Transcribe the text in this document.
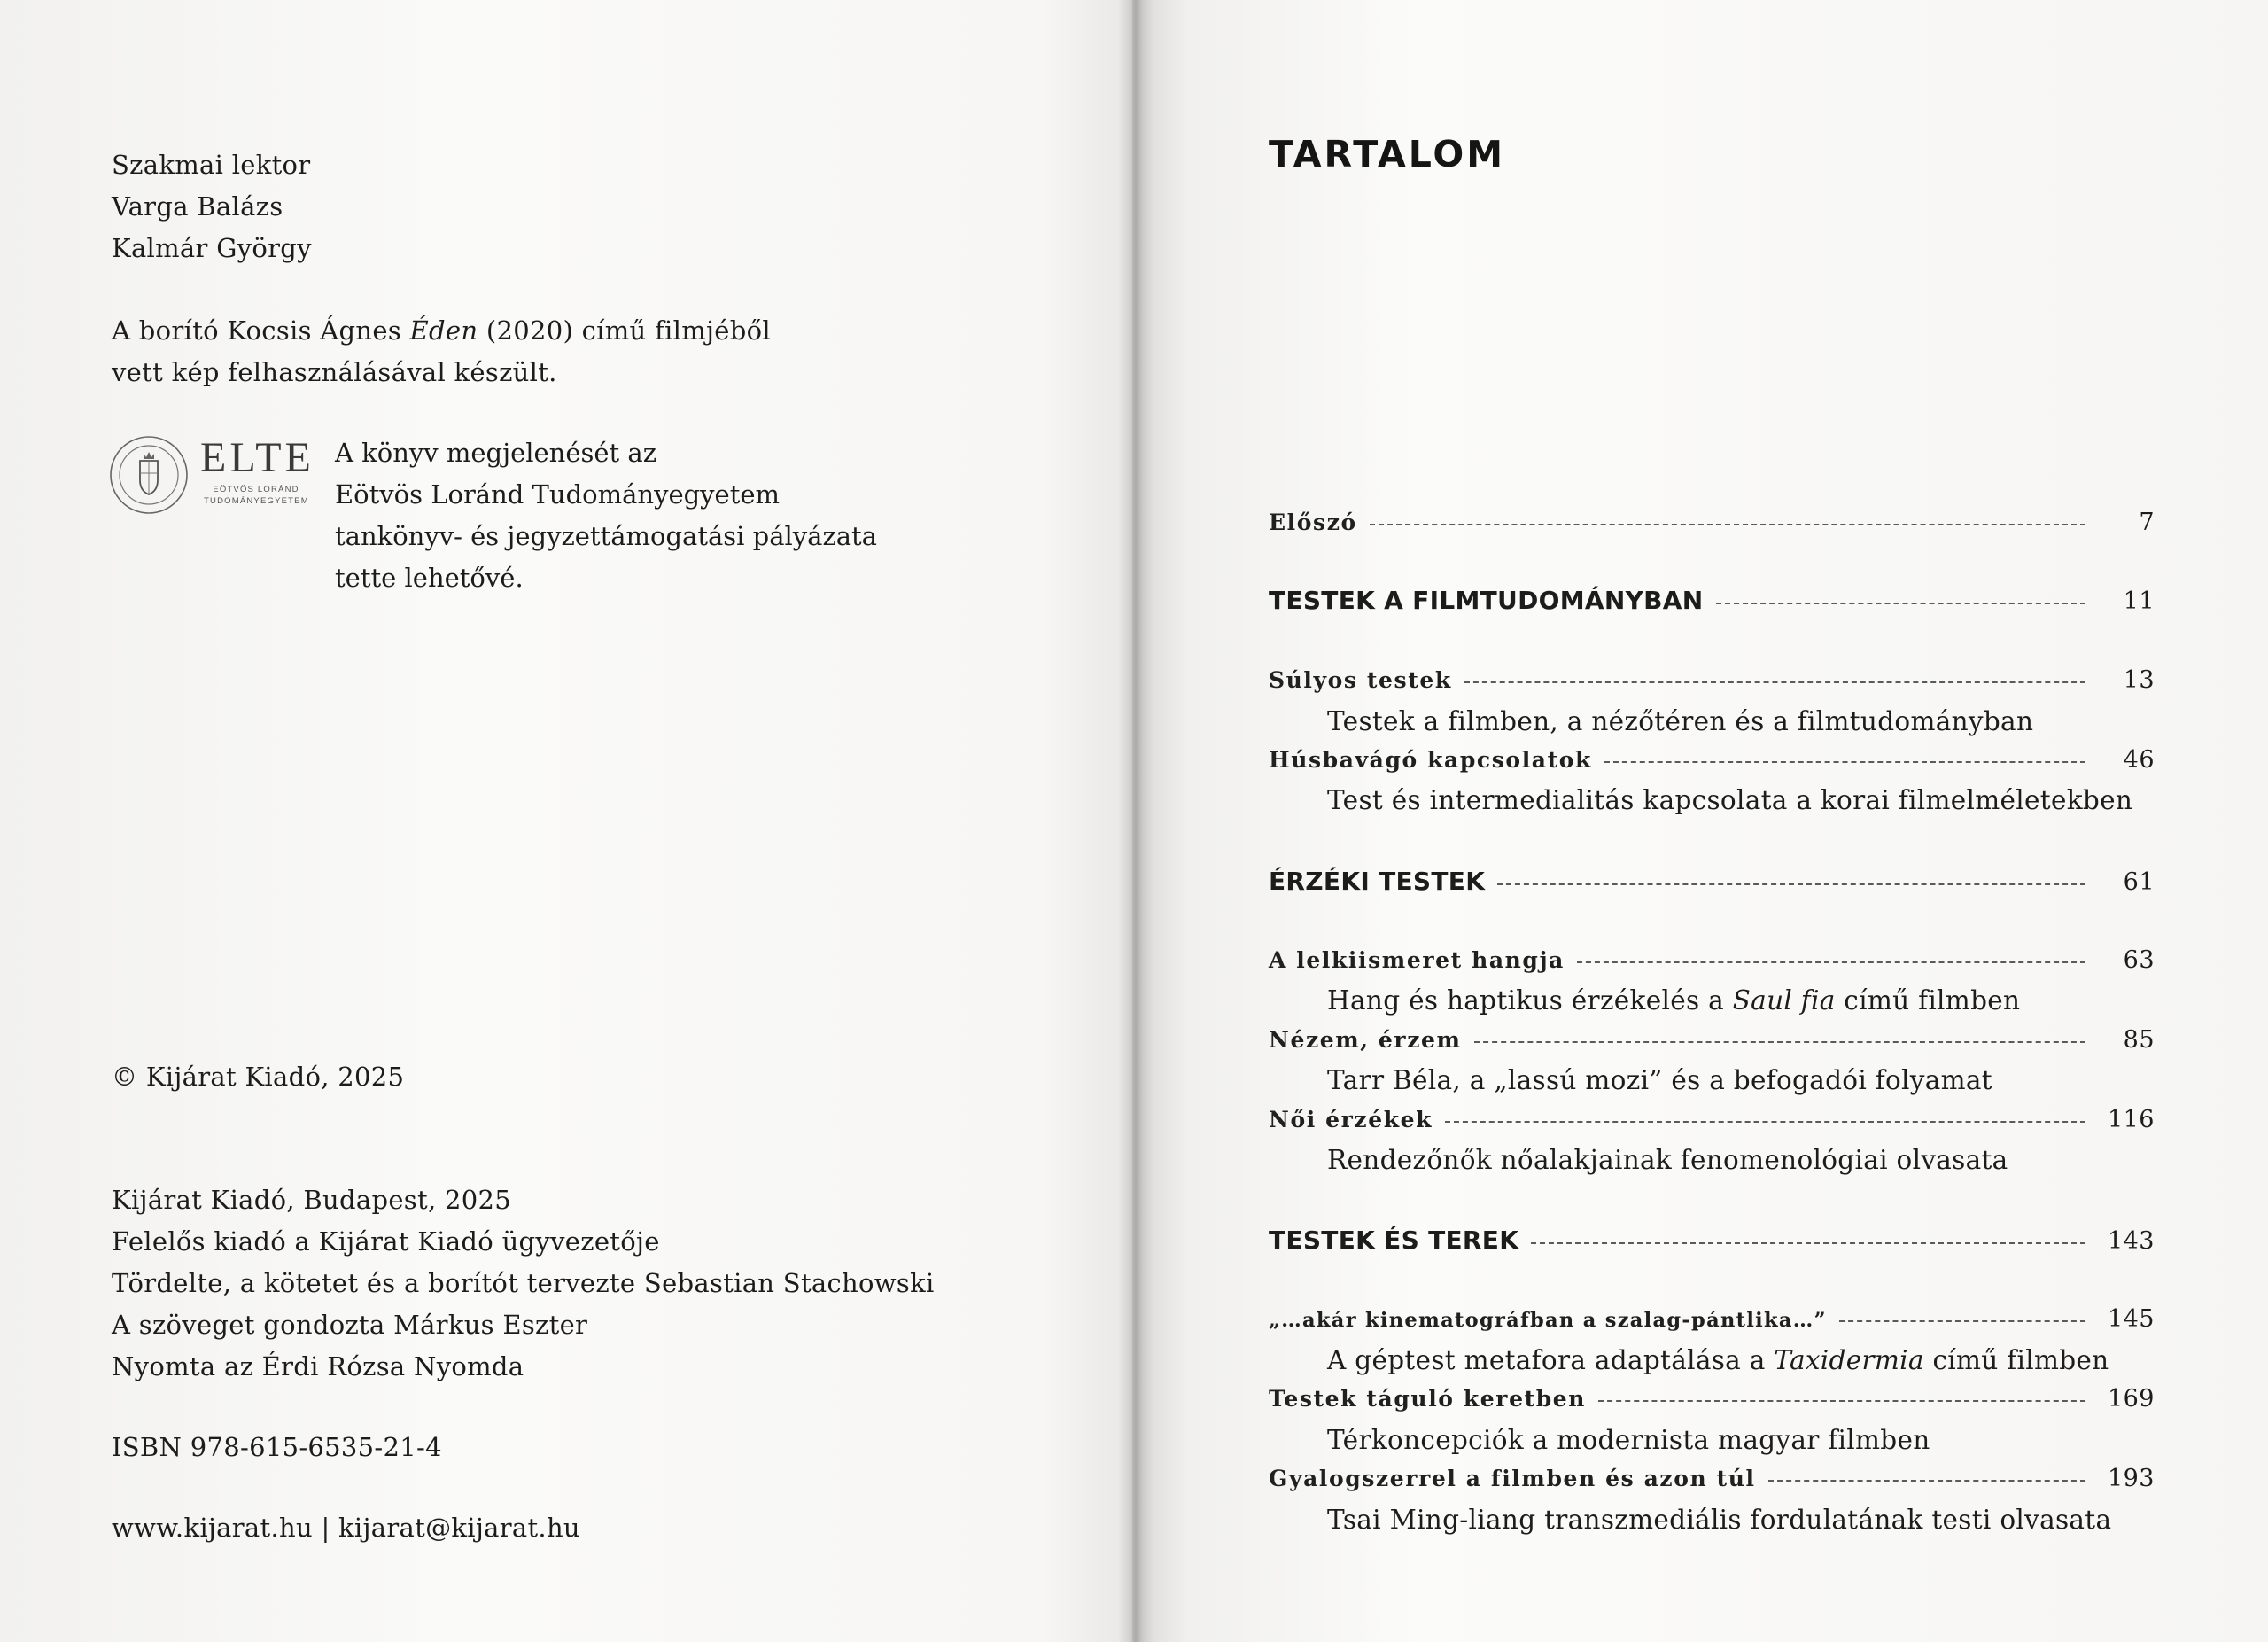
Szakmai lektor

Varga Balázs

Kalmár György

A borító Kocsis Ágnes Éden (2020) című filmjéből

vett kép felhasználásával készült.

ELTE
EÖTVÖS LORÁND
TUDOMÁNYEGYETEM

A könyv megjelenését az

Eötvös Loránd Tudományegyetem

tankönyv- és jegyzettámogatási pályázata

tette lehetővé.

© Kijárat Kiadó, 2025

Kijárat Kiadó, Budapest, 2025

Felelős kiadó a Kijárat Kiadó ügyvezetője

Tördelte, a kötetet és a borítót tervezte Sebastian Stachowski

A szöveget gondozta Márkus Eszter

Nyomta az Érdi Rózsa Nyomda

ISBN 978-615-6535-21-4

www.kijarat.hu | kijarat@kijarat.hu

TARTALOM
Előszó	7
TESTEK A FILMTUDOMÁNYBAN	11
Súlyos testek	13
Testek a filmben, a nézőtéren és a filmtudományban
Húsbavágó kapcsolatok	46
Test és intermedialitás kapcsolata a korai filmelméletekben
ÉRZÉKI TESTEK	61
A lelkiismeret hangja	63
Hang és haptikus érzékelés a Saul fia című filmben
Nézem, érzem	85
Tarr Béla, a „lassú mozi” és a befogadói folyamat
Női érzékek	116
Rendezőnők nőalakjainak fenomenológiai olvasata
TESTEK ÉS TEREK	143
„…akár kinematográfban a szalag-pántlika…”	145
A géptest metafora adaptálása a Taxidermia című filmben
Testek táguló keretben	169
Térkoncepciók a modernista magyar filmben
Gyalogszerrel a filmben és azon túl	193
Tsai Ming-liang transzmediális fordulatának testi olvasata
